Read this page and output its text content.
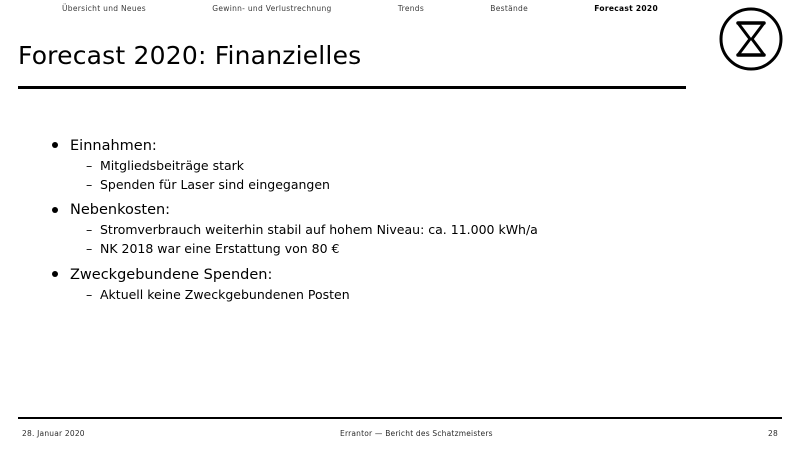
Übersicht und Neues	Gewinn- und Verlustrechnung	Trends	Bestände	Forecast 2020
Forecast 2020: Finanzielles
Einnahmen:
– Mitgliedsbeiträge stark
– Spenden für Laser sind eingegangen
Nebenkosten:
– Stromverbrauch weiterhin stabil auf hohem Niveau: ca. 11.000 kWh/a
– NK 2018 war eine Erstattung von 80 €
Zweckgebundene Spenden:
– Aktuell keine Zweckgebundenen Posten
28. Januar 2020	Errantor — Bericht des Schatzmeisters	28
